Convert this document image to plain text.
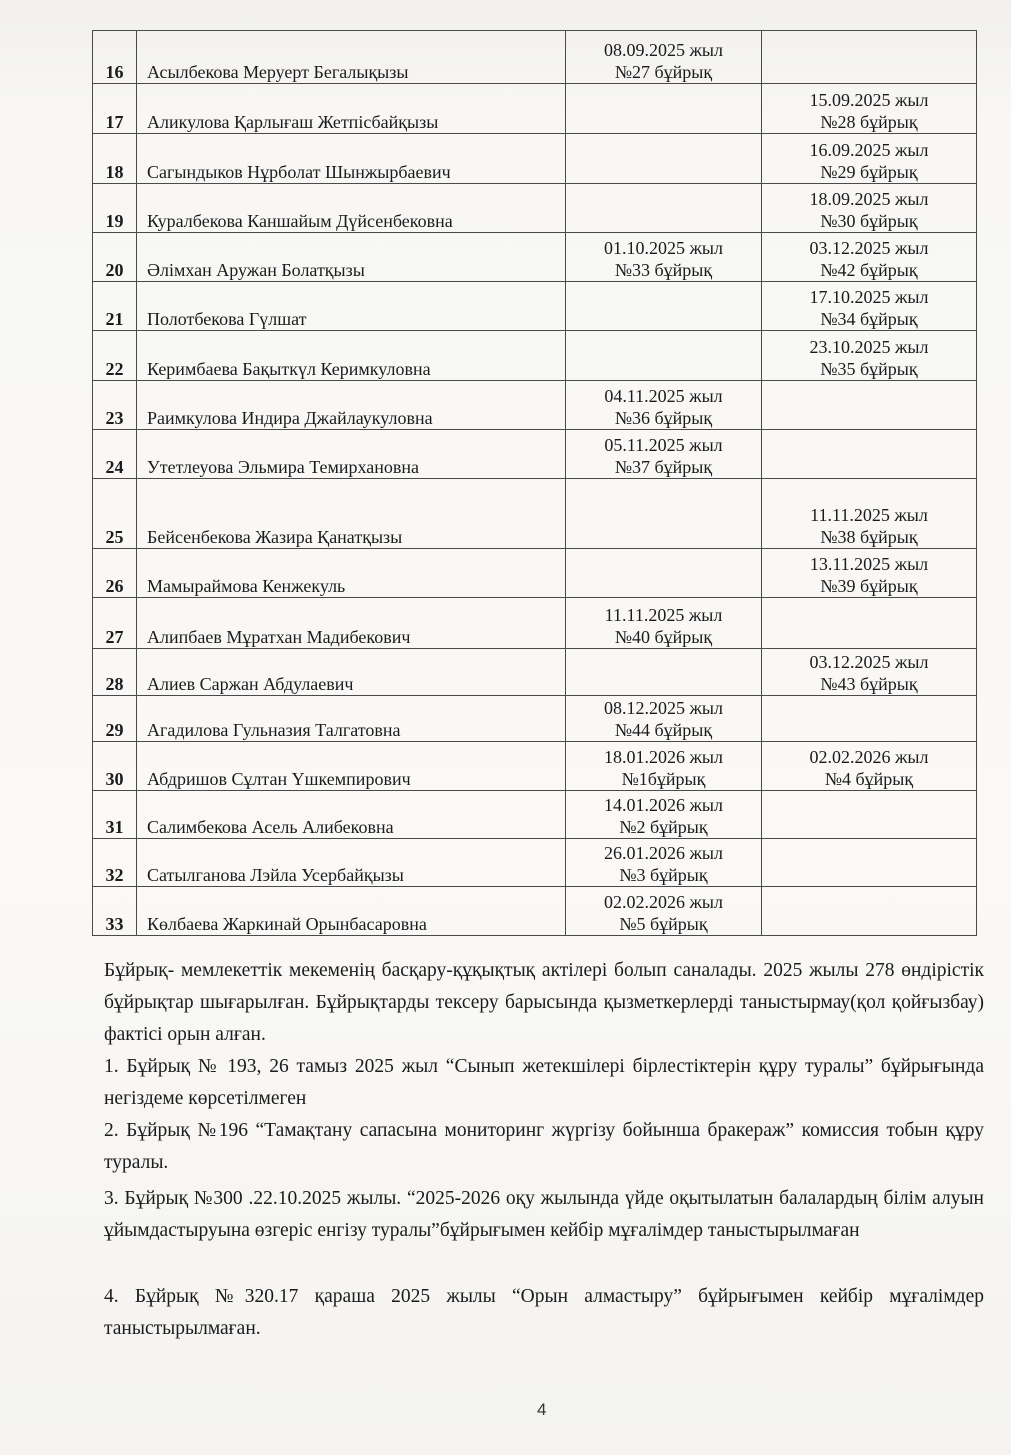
16	Асылбекова Меруерт Бегалықызы	08.09.2025 жыл
№27 бұйрық	

17	Аликулова Қарлығаш Жетпісбайқызы		15.09.2025 жыл
№28 бұйрық

18	Сагындыков Нұрболат Шынжырбаевич		16.09.2025 жыл
№29 бұйрық

19	Куралбекова Каншайым Дүйсенбековна		18.09.2025 жыл
№30 бұйрық

20	Әлімхан Аружан Болатқызы	01.10.2025 жыл
№33 бұйрық	03.12.2025 жыл
№42 бұйрық

21	Полотбекова Гүлшат		17.10.2025 жыл
№34 бұйрық

22	Керимбаева Бақыткүл Керимкуловна		23.10.2025 жыл
№35 бұйрық

23	Раимкулова Индира Джайлаукуловна	04.11.2025 жыл
№36 бұйрық	

24	Утетлеуова Эльмира Темирхановна	05.11.2025 жыл
№37 бұйрық	

25	Бейсенбекова Жазира Қанатқызы		11.11.2025 жыл
№38 бұйрық

26	Мамыраймова Кенжекуль		13.11.2025 жыл
№39 бұйрық

27	Алипбаев Мұратхан Мадибекович	11.11.2025 жыл
№40 бұйрық	

28	Алиев Саржан Абдулаевич		03.12.2025 жыл
№43 бұйрық

29	Агадилова Гульназия Талгатовна	08.12.2025 жыл
№44 бұйрық	

30	Абдришов Сұлтан Үшкемпирович	18.01.2026 жыл
№1бұйрық	02.02.2026 жыл
№4 бұйрық

31	Салимбекова Асель Алибековна	14.01.2026 жыл
№2 бұйрық	

32	Сатылганова Лэйла Усербайқызы	26.01.2026 жыл
№3 бұйрық	

33	Көлбаева Жаркинай Орынбасаровна	02.02.2026 жыл
№5 бұйрық	

Бұйрық- мемлекеттік мекеменің басқару-құқықтық актілері болып саналады. 2025 жылы 278 өндірістік бұйрықтар шығарылған. Бұйрықтарды тексеру барысында қызметкерлерді таныстырмау(қол қойғызбау) фактісі орын алған.

1. Бұйрық № 193, 26 тамыз 2025 жыл “Сынып жетекшілері бірлестіктерін құру туралы” бұйрығында негіздеме көрсетілмеген

2. Бұйрық №196 “Тамақтану сапасына мониторинг жүргізу бойынша бракераж” комиссия тобын құру туралы.

3. Бұйрық №300 .22.10.2025 жылы. “2025-2026 оқу жылында үйде оқытылатын балалардың білім алуын ұйымдастыруына өзгеріс енгізу туралы”бұйрығымен кейбір мұғалімдер таныстырылмаған

4. Бұйрық №320.17 қараша 2025 жылы “Орын алмастыру” бұйрығымен кейбір мұғалімдер таныстырылмаған.

4
